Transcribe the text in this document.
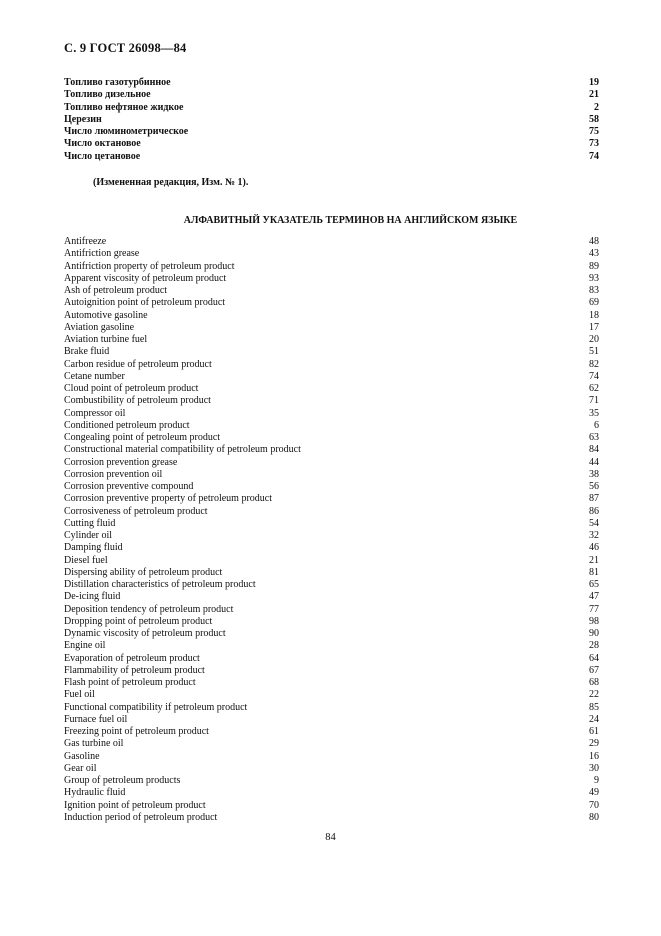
С. 9 ГОСТ 26098—84
Топливо газотурбинное	19
Топливо дизельное	21
Топливо нефтяное жидкое	2
Церезин	58
Число люминометрическое	75
Число октановое	73
Число цетановое	74
(Измененная редакция, Изм. № 1).
АЛФАВИТНЫЙ УКАЗАТЕЛЬ ТЕРМИНОВ НА АНГЛИЙСКОМ ЯЗЫКЕ
Antifreeze	48
Antifriction grease	43
Antifriction property of petroleum product	89
Apparent viscosity of petroleum product	93
Ash of petroleum product	83
Autoignition point of petroleum product	69
Automotive gasoline	18
Aviation gasoline	17
Aviation turbine fuel	20
Brake fluid	51
Carbon residue of petroleum product	82
Cetane number	74
Cloud point of petroleum product	62
Combustibility of petroleum product	71
Compressor oil	35
Conditioned petroleum product	6
Congealing point of petroleum product	63
Constructional material compatibility of petroleum product	84
Corrosion prevention grease	44
Corrosion prevention oil	38
Corrosion preventive compound	56
Corrosion preventive property of petroleum product	87
Corrosiveness of petroleum product	86
Cutting fluid	54
Cylinder oil	32
Damping fluid	46
Diesel fuel	21
Dispersing ability of petroleum product	81
Distillation characteristics of petroleum product	65
De-icing fluid	47
Deposition tendency of petroleum product	77
Dropping point of petroleum product	98
Dynamic viscosity of petroleum product	90
Engine oil	28
Evaporation of petroleum product	64
Flammability of petroleum product	67
Flash point of petroleum product	68
Fuel oil	22
Functional compatibility if petroleum product	85
Furnace fuel oil	24
Freezing point of petroleum product	61
Gas turbine oil	29
Gasoline	16
Gear oil	30
Group of petroleum products	9
Hydraulic fluid	49
Ignition point of petroleum product	70
Induction period of petroleum product	80
84
